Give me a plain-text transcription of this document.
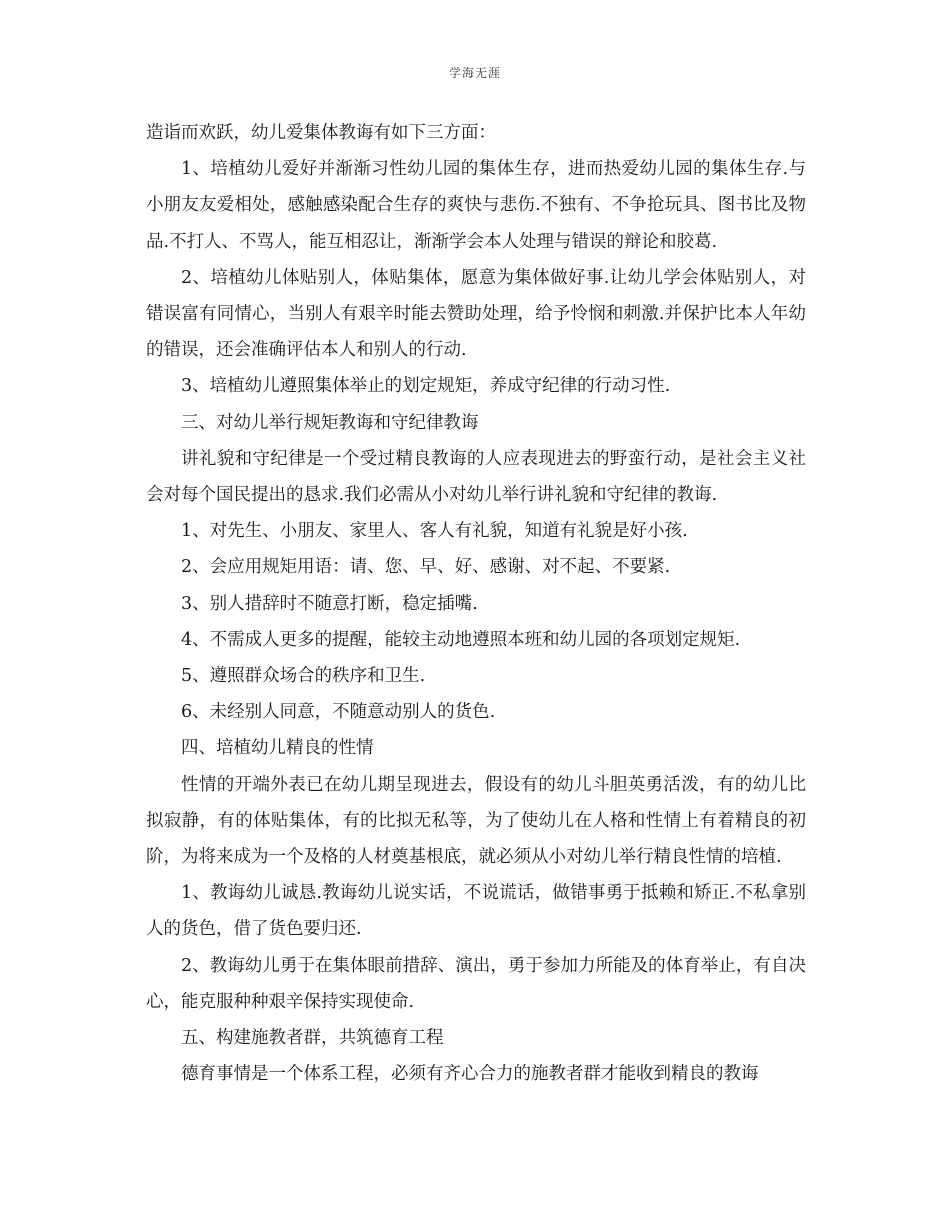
学海无涯

造诣而欢跃，幼儿爱集体教诲有如下三方面：

1、培植幼儿爱好并渐渐习性幼儿园的集体生存，进而热爱幼儿园的集体生存.与小朋友友爱相处，感触感染配合生存的爽快与悲伤.不独有、不争抢玩具、图书比及物品.不打人、不骂人，能互相忍让，渐渐学会本人处理与错误的辩论和胶葛.

2、培植幼儿体贴别人，体贴集体，愿意为集体做好事.让幼儿学会体贴别人，对错误富有同情心，当别人有艰辛时能去赞助处理，给予怜悯和刺激.并保护比本人年幼的错误，还会准确评估本人和别人的行动.

3、培植幼儿遵照集体举止的划定规矩，养成守纪律的行动习性.

三、对幼儿举行规矩教诲和守纪律教诲

讲礼貌和守纪律是一个受过精良教诲的人应表现进去的野蛮行动，是社会主义社会对每个国民提出的恳求.我们必需从小对幼儿举行讲礼貌和守纪律的教诲.

1、对先生、小朋友、家里人、客人有礼貌，知道有礼貌是好小孩.

2、会应用规矩用语：请、您、早、好、感谢、对不起、不要紧.

3、别人措辞时不随意打断，稳定插嘴.

4、不需成人更多的提醒，能较主动地遵照本班和幼儿园的各项划定规矩.

5、遵照群众场合的秩序和卫生.

6、未经别人同意，不随意动别人的货色.

四、培植幼儿精良的性情

性情的开端外表已在幼儿期呈现进去，假设有的幼儿斗胆英勇活泼，有的幼儿比拟寂静，有的体贴集体，有的比拟无私等，为了使幼儿在人格和性情上有着精良的初阶，为将来成为一个及格的人材奠基根底，就必须从小对幼儿举行精良性情的培植.

1、教诲幼儿诚恳.教诲幼儿说实话，不说谎话，做错事勇于抵赖和矫正.不私拿别人的货色，借了货色要归还.

2、教诲幼儿勇于在集体眼前措辞、演出，勇于参加力所能及的体育举止，有自决心，能克服种种艰辛保持实现使命.

五、构建施教者群，共筑德育工程

德育事情是一个体系工程，必须有齐心合力的施教者群才能收到精良的教诲
